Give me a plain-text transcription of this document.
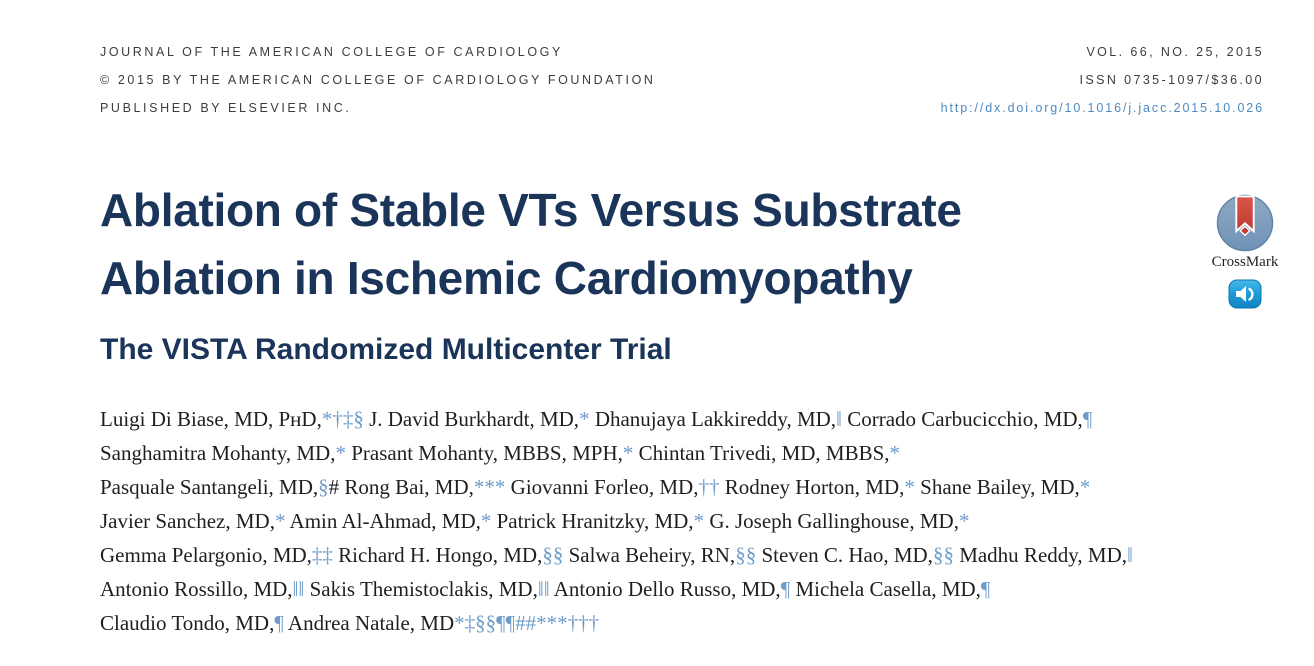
JOURNAL OF THE AMERICAN COLLEGE OF CARDIOLOGY
© 2015 BY THE AMERICAN COLLEGE OF CARDIOLOGY FOUNDATION
PUBLISHED BY ELSEVIER INC.
VOL. 66, NO. 25, 2015
ISSN 0735-1097/$36.00
http://dx.doi.org/10.1016/j.jacc.2015.10.026
Ablation of Stable VTs Versus Substrate
Ablation in Ischemic Cardiomyopathy
The VISTA Randomized Multicenter Trial
Luigi Di Biase, MD, PʜD,*†‡§ J. David Burkhardt, MD,* Dhanujaya Lakkireddy, MD,‖ Corrado Carbucicchio, MD,¶
Sanghamitra Mohanty, MD,* Prasant Mohanty, MBBS, MPH,* Chintan Trivedi, MD, MBBS,*
Pasquale Santangeli, MD,§# Rong Bai, MD,*** Giovanni Forleo, MD,†† Rodney Horton, MD,* Shane Bailey, MD,*
Javier Sanchez, MD,* Amin Al-Ahmad, MD,* Patrick Hranitzky, MD,* G. Joseph Gallinghouse, MD,*
Gemma Pelargonio, MD,‡‡ Richard H. Hongo, MD,§§ Salwa Beheiry, RN,§§ Steven C. Hao, MD,§§ Madhu Reddy, MD,‖
Antonio Rossillo, MD,‖‖ Sakis Themistoclakis, MD,‖‖ Antonio Dello Russo, MD,¶ Michela Casella, MD,¶
Claudio Tondo, MD,¶ Andrea Natale, MD*‡§§¶¶##***†††
CrossMark
